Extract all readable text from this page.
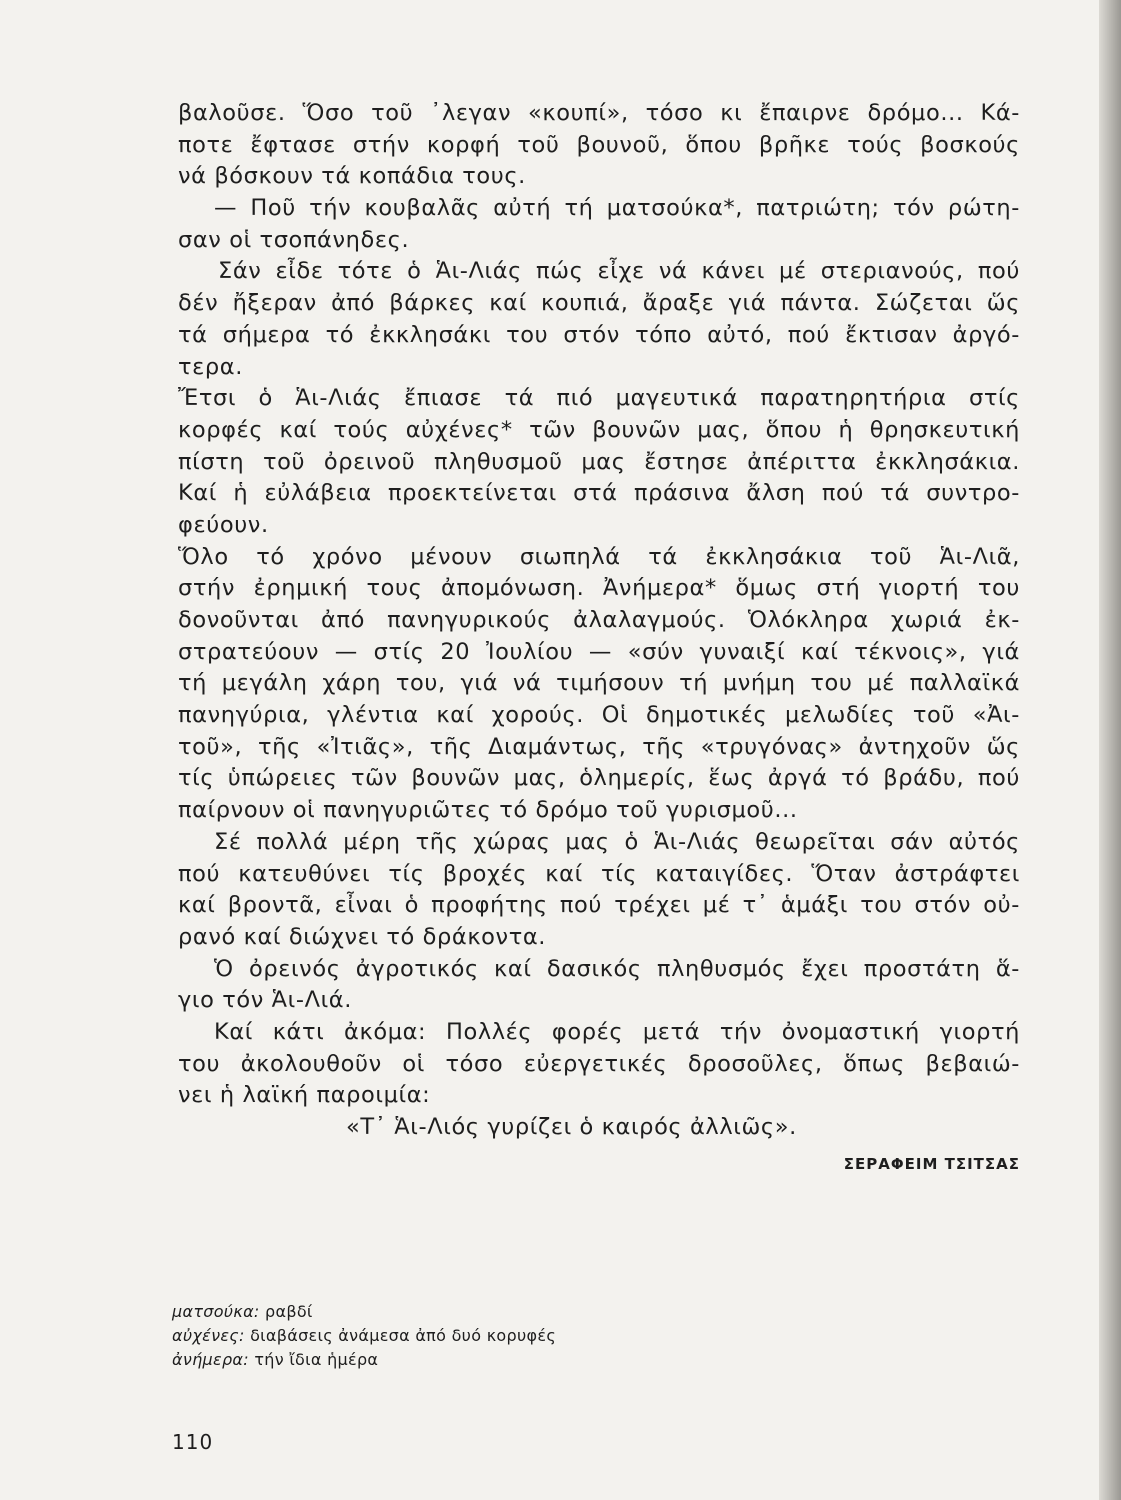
βαλοῦσε. Ὅσο τοῦ ᾽λεγαν «κουπί», τόσο κι ἔπαιρνε δρόμο... Κά-
ποτε ἔφτασε στήν κορφή τοῦ βουνοῦ, ὅπου βρῆκε τούς βοσκούς
νά βόσκουν τά κοπάδια τους.
— Ποῦ τήν κουβαλᾶς αὐτή τή ματσούκα*, πατριώτη; τόν ρώτη-
σαν οἱ τσοπάνηδες.
Σάν εἶδε τότε ὁ Ἁι-Λιάς πώς εἶχε νά κάνει μέ στεριανούς, πού
δέν ἤξεραν ἀπό βάρκες καί κουπιά, ἄραξε γιά πάντα. Σώζεται ὥς
τά σήμερα τό ἐκκλησάκι του στόν τόπο αὐτό, πού ἔκτισαν ἀργό-
τερα.
Ἔτσι ὁ Ἁι-Λιάς ἔπιασε τά πιό μαγευτικά παρατηρητήρια στίς
κορφές καί τούς αὐχένες* τῶν βουνῶν μας, ὅπου ἡ θρησκευτική
πίστη τοῦ ὀρεινοῦ πληθυσμοῦ μας ἔστησε ἀπέριττα ἐκκλησάκια.
Καί ἡ εὐλάβεια προεκτείνεται στά πράσινα ἄλση πού τά συντρο-
φεύουν.
Ὅλο τό χρόνο μένουν σιωπηλά τά ἐκκλησάκια τοῦ Ἁι-Λιᾶ,
στήν ἐρημική τους ἀπομόνωση. Ἀνήμερα* ὅμως στή γιορτή του
δονοῦνται ἀπό πανηγυρικούς ἀλαλαγμούς. Ὁλόκληρα χωριά ἐκ-
στρατεύουν — στίς 20 Ἰουλίου — «σύν γυναιξί καί τέκνοις», γιά
τή μεγάλη χάρη του, γιά νά τιμήσουν τή μνήμη του μέ παλλαϊκά
πανηγύρια, γλέντια καί χορούς. Οἱ δημοτικές μελωδίες τοῦ «Ἀι-
τοῦ», τῆς «Ἰτιᾶς», τῆς Διαμάντως, τῆς «τρυγόνας» ἀντηχοῦν ὥς
τίς ὑπώρειες τῶν βουνῶν μας, ὁλημερίς, ἕως ἀργά τό βράδυ, πού
παίρνουν οἱ πανηγυριῶτες τό δρόμο τοῦ γυρισμοῦ...
Σέ πολλά μέρη τῆς χώρας μας ὁ Ἁι-Λιάς θεωρεῖται σάν αὐτός
πού κατευθύνει τίς βροχές καί τίς καταιγίδες. Ὅταν ἀστράφτει
καί βροντᾶ, εἶναι ὁ προφήτης πού τρέχει μέ τ᾽ ἁμάξι του στόν οὐ-
ρανό καί διώχνει τό δράκοντα.
Ὁ ὀρεινός ἀγροτικός καί δασικός πληθυσμός ἔχει προστάτη ἅ-
γιο τόν Ἁι-Λιά.
Καί κάτι ἀκόμα: Πολλές φορές μετά τήν ὀνομαστική γιορτή
του ἀκολουθοῦν οἱ τόσο εὐεργετικές δροσοῦλες, ὅπως βεβαιώ-
νει ἡ λαϊκή παροιμία:
«Τ᾽ Ἁι-Λιός γυρίζει ὁ καιρός ἀλλιῶς».
ΣΕΡΑΦΕΙΜ ΤΣΙΤΣΑΣ
ματσούκα: ραβδί
αὐχένες: διαβάσεις ἀνάμεσα ἀπό δυό κορυφές
ἀνήμερα: τήν ἴδια ἡμέρα
110
